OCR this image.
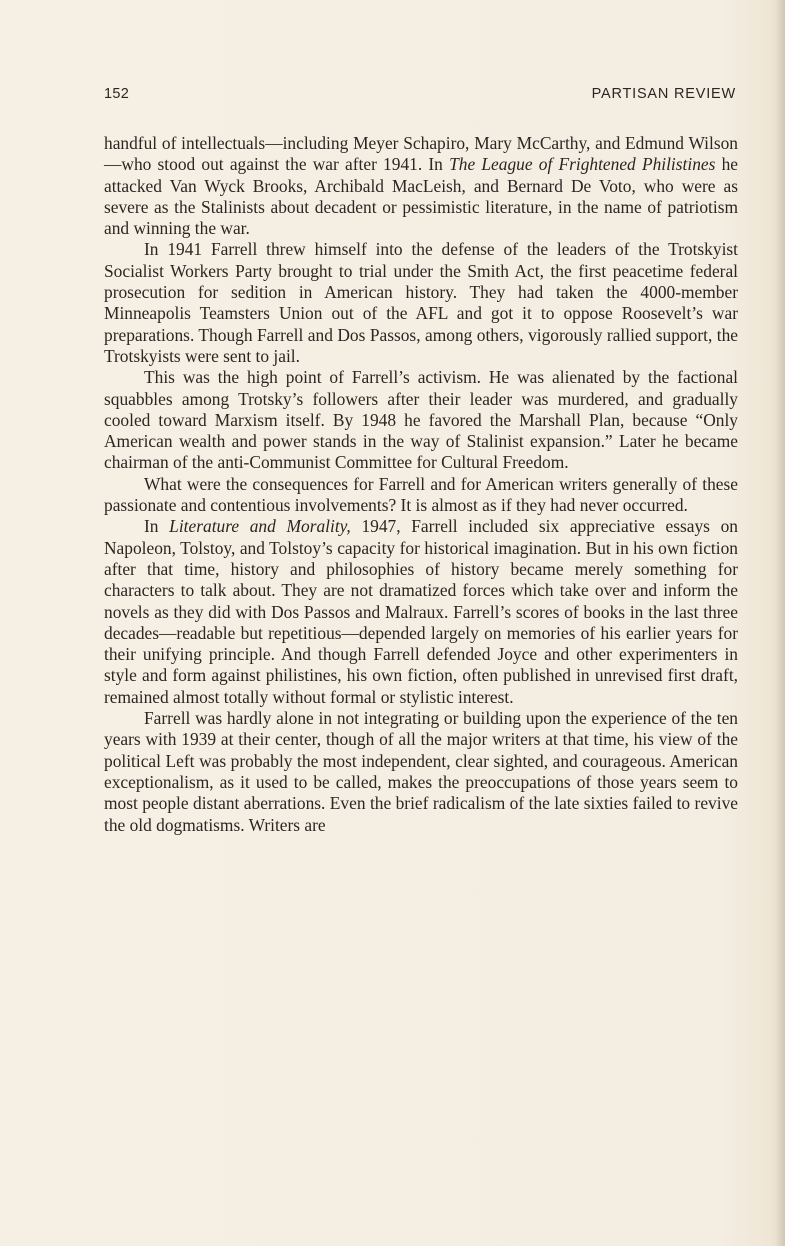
152	PARTISAN REVIEW

handful of intellectuals—including Meyer Schapiro, Mary McCarthy, and Edmund Wilson—who stood out against the war after 1941. In The League of Frightened Philistines he attacked Van Wyck Brooks, Archibald MacLeish, and Bernard De Voto, who were as severe as the Stalinists about decadent or pessimistic literature, in the name of patriotism and winning the war.

In 1941 Farrell threw himself into the defense of the leaders of the Trotskyist Socialist Workers Party brought to trial under the Smith Act, the first peacetime federal prosecution for sedition in American history. They had taken the 4000-member Minneapolis Teamsters Union out of the AFL and got it to oppose Roosevelt’s war preparations. Though Farrell and Dos Passos, among others, vigorously rallied support, the Trotskyists were sent to jail.

This was the high point of Farrell’s activism. He was alienated by the factional squabbles among Trotsky’s followers after their leader was murdered, and gradually cooled toward Marxism itself. By 1948 he favored the Marshall Plan, because “Only American wealth and power stands in the way of Stalinist expansion.” Later he became chairman of the anti-Communist Committee for Cultural Freedom.

What were the consequences for Farrell and for American writers generally of these passionate and contentious involvements? It is almost as if they had never occurred.

In Literature and Morality, 1947, Farrell included six appreciative essays on Napoleon, Tolstoy, and Tolstoy’s capacity for historical imagination. But in his own fiction after that time, history and philosophies of history became merely something for characters to talk about. They are not dramatized forces which take over and inform the novels as they did with Dos Passos and Malraux. Farrell’s scores of books in the last three decades—readable but repetitious—depended largely on memories of his earlier years for their unifying principle. And though Farrell defended Joyce and other experimenters in style and form against philistines, his own fiction, often published in unrevised first draft, remained almost totally without formal or stylistic interest.

Farrell was hardly alone in not integrating or building upon the experience of the ten years with 1939 at their center, though of all the major writers at that time, his view of the political Left was probably the most independent, clear sighted, and courageous. American exceptionalism, as it used to be called, makes the preoccupations of those years seem to most people distant aberrations. Even the brief radicalism of the late sixties failed to revive the old dogmatisms. Writers are
